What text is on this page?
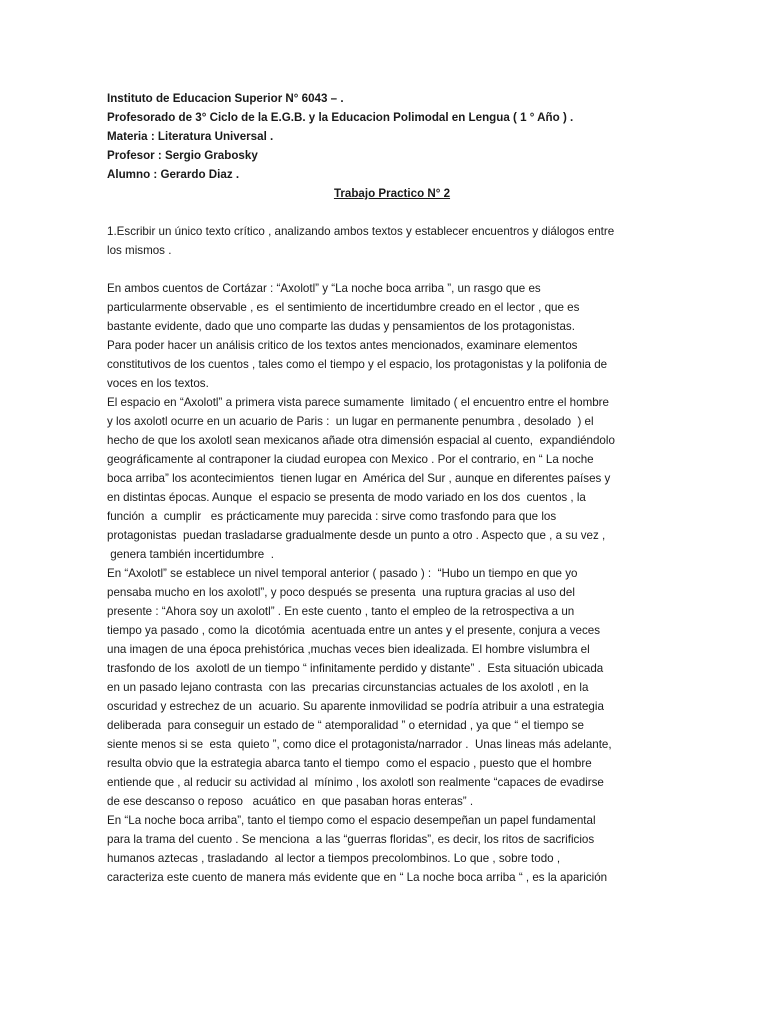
Instituto de Educacion Superior N° 6043 – .
Profesorado de 3° Ciclo de la E.G.B. y la Educacion Polimodal en Lengua ( 1 ° Año ) .
Materia : Literatura Universal .
Profesor : Sergio Grabosky
Alumno : Gerardo Diaz .
Trabajo Practico N° 2
1.Escribir un único texto crítico , analizando ambos textos y establecer encuentros y diálogos entre
los mismos .
En ambos cuentos de Cortázar : “Axolotl” y “La noche boca arriba ”, un rasgo que es
particularmente observable , es  el sentimiento de incertidumbre creado en el lector , que es
bastante evidente, dado que uno comparte las dudas y pensamientos de los protagonistas.
Para poder hacer un análisis critico de los textos antes mencionados, examinare elementos
constitutivos de los cuentos , tales como el tiempo y el espacio, los protagonistas y la polifonia de
voces en los textos.
El espacio en “Axolotl” a primera vista parece sumamente  limitado ( el encuentro entre el hombre
y los axolotl ocurre en un acuario de Paris :  un lugar en permanente penumbra , desolado  ) el
hecho de que los axolotl sean mexicanos añade otra dimensión espacial al cuento,  expandiéndolo
geográficamente al contraponer la ciudad europea con Mexico . Por el contrario, en “ La noche
boca arriba” los acontecimientos  tienen lugar en  América del Sur , aunque en diferentes países y
en distintas épocas. Aunque  el espacio se presenta de modo variado en los dos  cuentos , la
función  a  cumplir   es prácticamente muy parecida : sirve como trasfondo para que los
protagonistas  puedan trasladarse gradualmente desde un punto a otro . Aspecto que , a su vez ,
genera también incertidumbre  .
En “Axolotl” se establece un nivel temporal anterior ( pasado ) :  “Hubo un tiempo en que yo
pensaba mucho en los axolotl”, y poco después se presenta  una ruptura gracias al uso del
presente : “Ahora soy un axolotl” . En este cuento , tanto el empleo de la retrospectiva a un
tiempo ya pasado , como la  dicotómia  acentuada entre un antes y el presente, conjura a veces
una imagen de una época prehistórica ,muchas veces bien idealizada. El hombre vislumbra el
trasfondo de los  axolotl de un tiempo “ infinitamente perdido y distante” .  Esta situación ubicada
en un pasado lejano contrasta  con las  precarias circunstancias actuales de los axolotl , en la
oscuridad y estrechez de un  acuario. Su aparente inmovilidad se podría atribuir a una estrategia
deliberada  para conseguir un estado de “ atemporalidad ” o eternidad , ya que “ el tiempo se
siente menos si se  esta  quieto ”, como dice el protagonista/narrador .  Unas lineas más adelante,
resulta obvio que la estrategia abarca tanto el tiempo  como el espacio , puesto que el hombre
entiende que , al reducir su actividad al  mínimo , los axolotl son realmente “capaces de evadirse
de ese descanso o reposo   acuático  en  que pasaban horas enteras” .
En “La noche boca arriba”, tanto el tiempo como el espacio desempeñan un papel fundamental
para la trama del cuento . Se menciona  a las “guerras floridas”, es decir, los ritos de sacrificios
humanos aztecas , trasladando  al lector a tiempos precolombinos. Lo que , sobre todo ,
caracteriza este cuento de manera más evidente que en “ La noche boca arriba “ , es la aparición
